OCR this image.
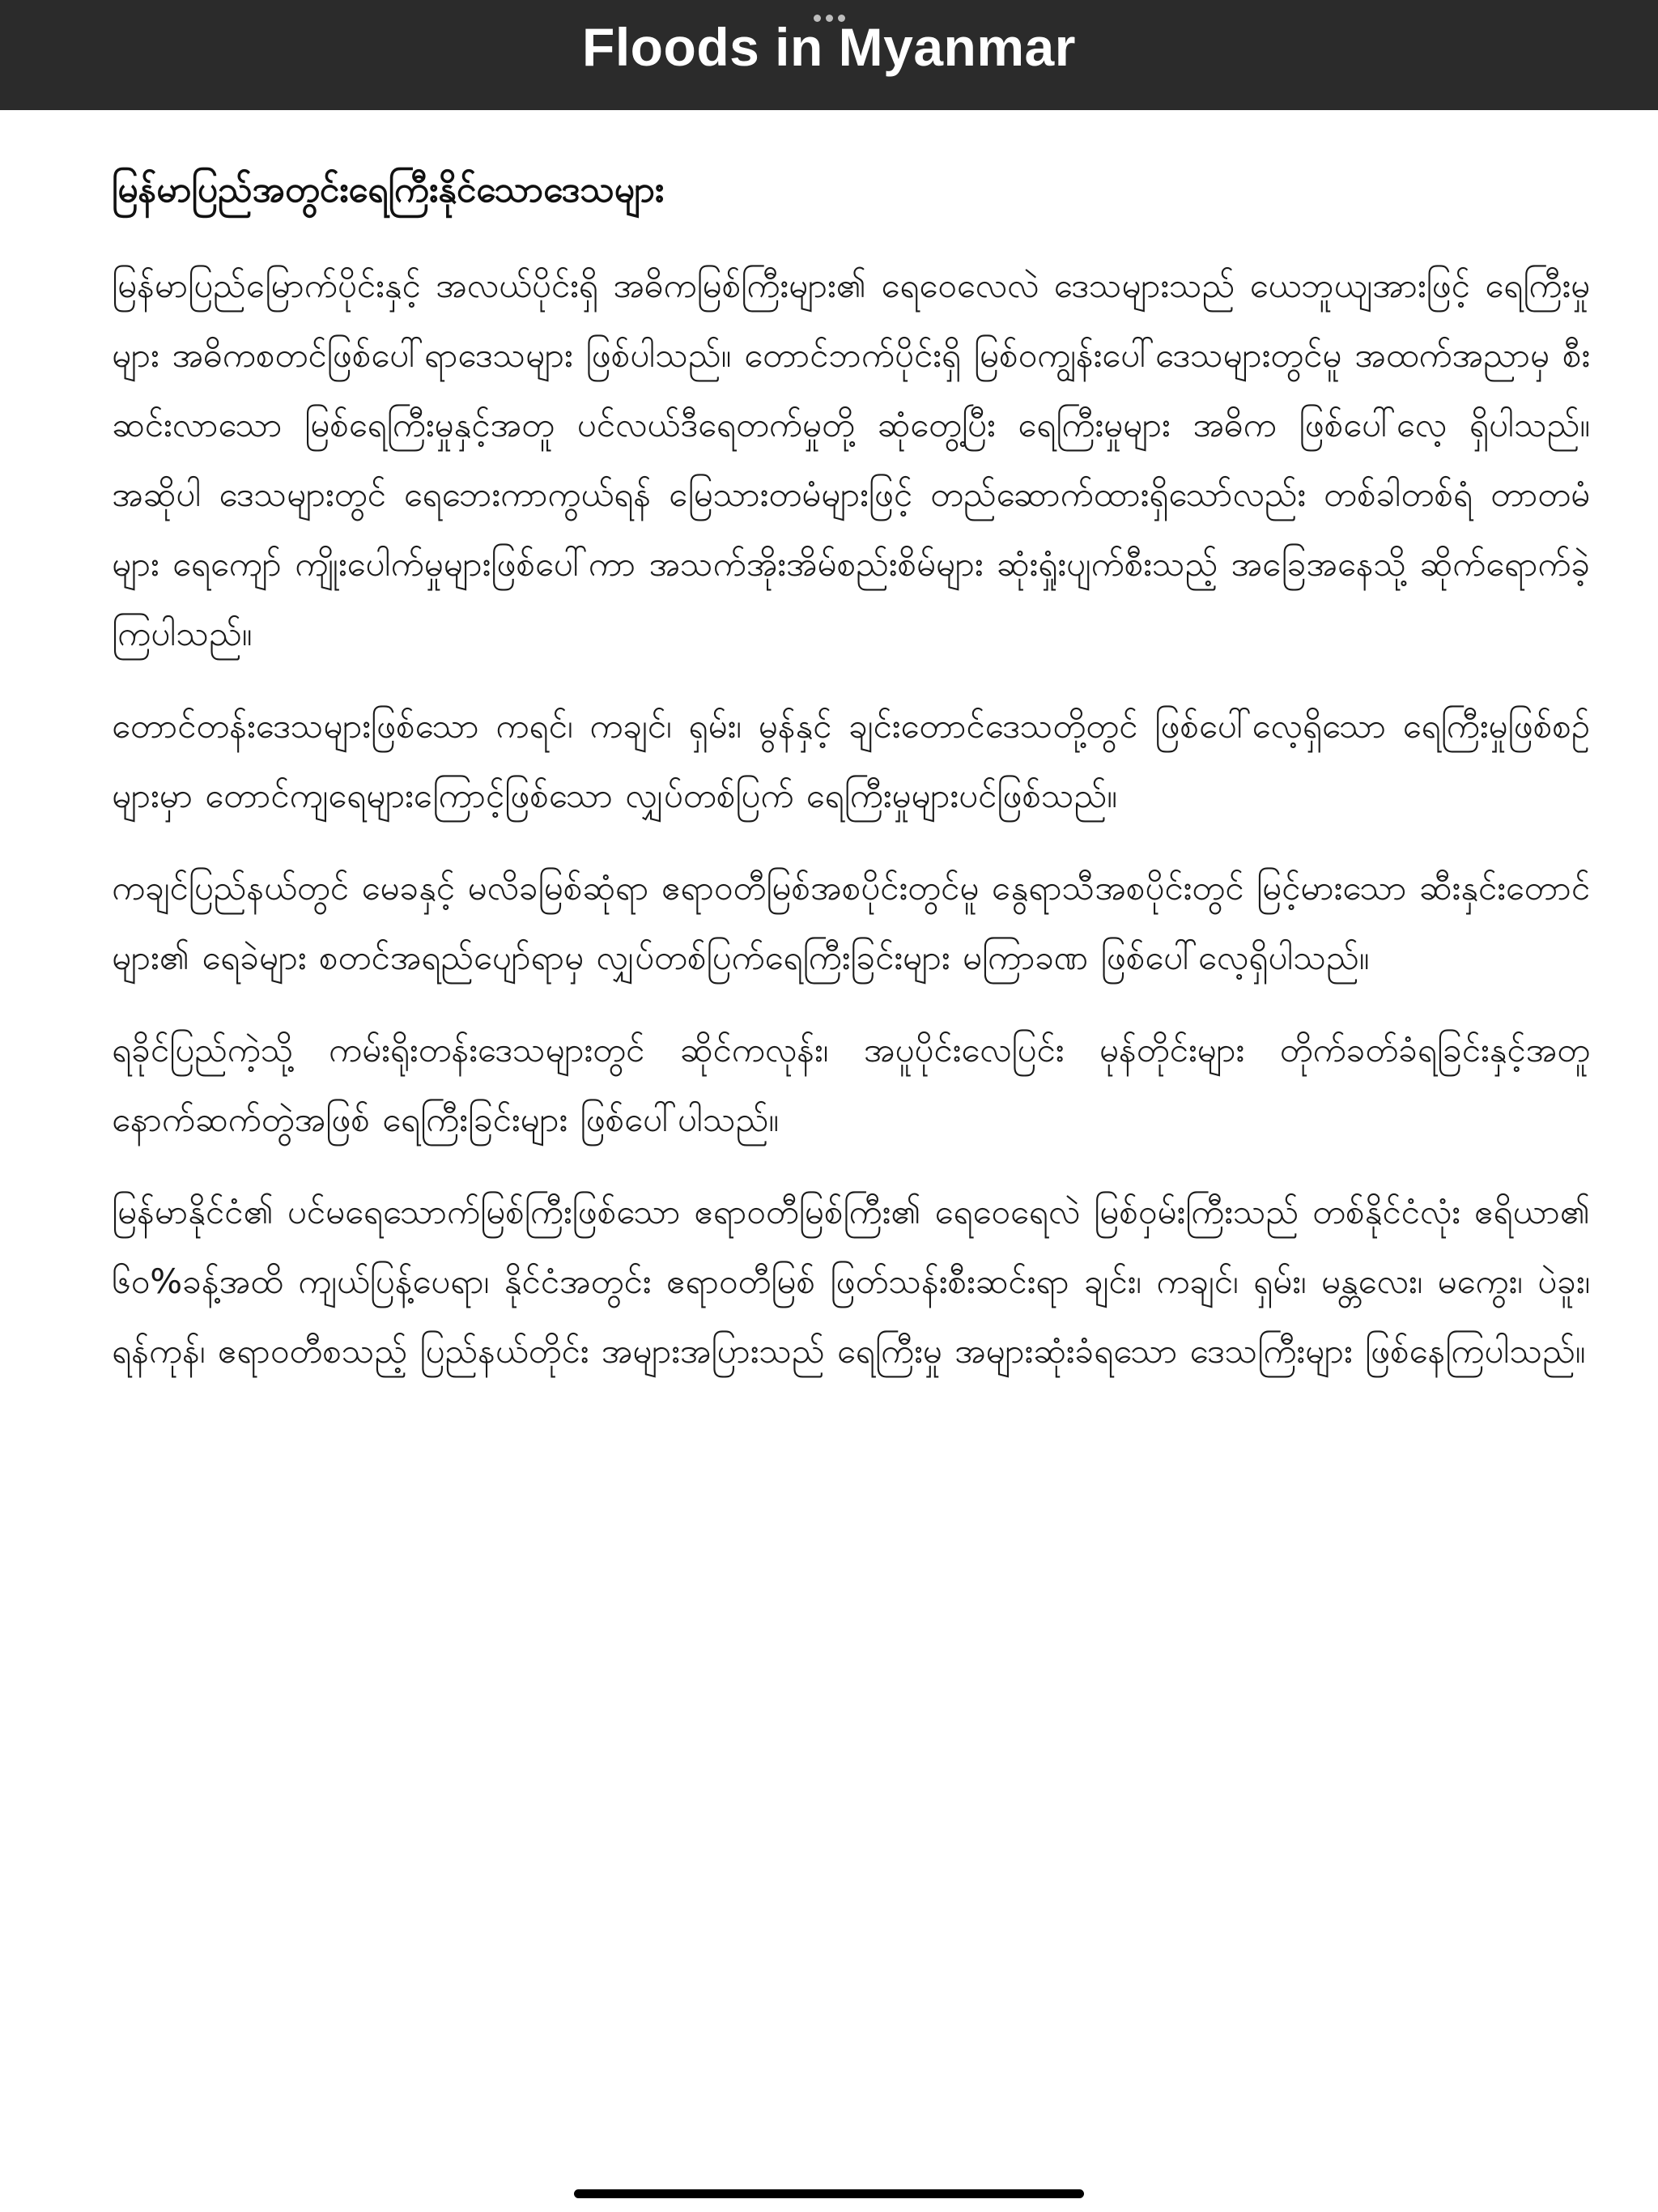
Floods in Myanmar
မြန်မာပြည်အတွင်းရေကြီးနိုင်သောဒေသများ

မြန်မာပြည်မြောက်ပိုင်းနှင့် အလယ်ပိုင်းရှိ အဓိကမြစ်ကြီးများ၏ ရေဝေလေလဲ ဒေသများသည် ယေဘူယျအားဖြင့် ရေကြီးမှုများ အဓိကစတင်ဖြစ်ပေါ်ရာဒေသများ ဖြစ်ပါသည်။ တောင်ဘက်ပိုင်းရှိ မြစ်ဝကျွန်းပေါ်ဒေသများတွင်မူ အထက်အညာမှ စီးဆင်းလာသော မြစ်ရေကြီးမှုနှင့်အတူ ပင်လယ်ဒီရေတက်မှုတို့ ဆုံတွေ့ပြီး ရေကြီးမှုများ အဓိက ဖြစ်ပေါ်လေ့ ရှိပါသည်။ အဆိုပါ ဒေသများတွင် ရေဘေးကာကွယ်ရန် မြေသားတမံများဖြင့် တည်ဆောက်ထားရှိသော်လည်း တစ်ခါတစ်ရံ တာတမံများ ရေကျော် ကျိုးပေါက်မှုများဖြစ်ပေါ်ကာ အသက်အိုးအိမ်စည်းစိမ်များ ဆုံးရှုံးပျက်စီးသည့် အခြေအနေသို့ ဆိုက်ရောက်ခဲ့ကြပါသည်။

တောင်တန်းဒေသများဖြစ်သော ကရင်၊ ကချင်၊ ရှမ်း၊ မွန်နှင့် ချင်းတောင်ဒေသတို့တွင် ဖြစ်ပေါ်လေ့ရှိသော ရေကြီးမှုဖြစ်စဉ်များမှာ တောင်ကျရေများကြောင့်ဖြစ်သော လျှပ်တစ်ပြက် ရေကြီးမှုများပင်ဖြစ်သည်။

ကချင်ပြည်နယ်တွင် မေခနှင့် မလိခမြစ်ဆုံရာ ဧရာဝတီမြစ်အစပိုင်းတွင်မူ နွေရာသီအစပိုင်းတွင် မြင့်မားသော ဆီးနှင်းတောင်များ၏ ရေခဲများ စတင်အရည်ပျော်ရာမှ လျှပ်တစ်ပြက်ရေကြီးခြင်းများ မကြာခဏ ဖြစ်ပေါ်လေ့ရှိပါသည်။

ရခိုင်ပြည်ကဲ့သို့ ကမ်းရိုးတန်းဒေသများတွင် ဆိုင်ကလုန်း၊ အပူပိုင်းလေပြင်း မုန်တိုင်းများ တိုက်ခတ်ခံရခြင်းနှင့်အတူ နောက်ဆက်တွဲအဖြစ် ရေကြီးခြင်းများ ဖြစ်ပေါ်ပါသည်။

မြန်မာနိုင်ငံ၏ ပင်မရေသောက်မြစ်ကြီးဖြစ်သော ဧရာဝတီမြစ်ကြီး၏ ရေဝေရေလဲ မြစ်ဝှမ်းကြီးသည် တစ်နိုင်ငံလုံး ဧရိယာ၏ ၆၀%ခန့်အထိ ကျယ်ပြန့်ပေရာ၊ နိုင်ငံအတွင်း ဧရာဝတီမြစ် ဖြတ်သန်းစီးဆင်းရာ ချင်း၊ ကချင်၊ ရှမ်း၊ မန္တလေး၊ မကွေး၊ ပဲခူး၊ ရန်ကုန်၊ ဧရာဝတီစသည့် ပြည်နယ်တိုင်း အများအပြားသည် ရေကြီးမှု အများဆုံးခံရသော ဒေသကြီးများ ဖြစ်နေကြပါသည်။
